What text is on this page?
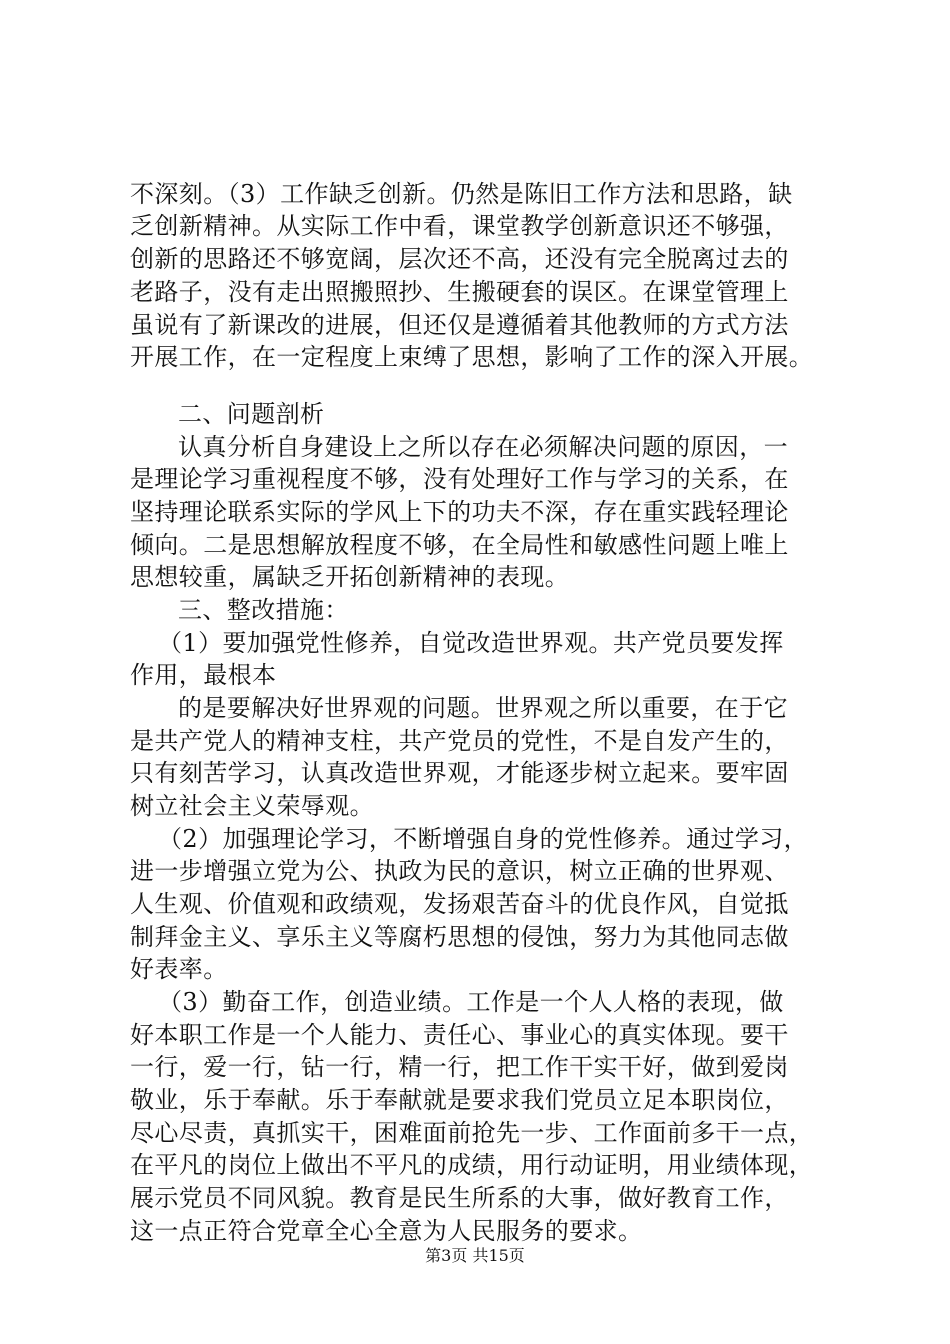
不深刻。（3）工作缺乏创新。仍然是陈旧工作方法和思路，缺
乏创新精神。从实际工作中看，课堂教学创新意识还不够强，
创新的思路还不够宽阔，层次还不高，还没有完全脱离过去的
老路子，没有走出照搬照抄、生搬硬套的误区。在课堂管理上
虽说有了新课改的进展，但还仅是遵循着其他教师的方式方法
开展工作，在一定程度上束缚了思想，影响了工作的深入开展。
二、问题剖析
认真分析自身建设上之所以存在必须解决问题的原因，一
是理论学习重视程度不够，没有处理好工作与学习的关系，在
坚持理论联系实际的学风上下的功夫不深，存在重实践轻理论
倾向。二是思想解放程度不够，在全局性和敏感性问题上唯上
思想较重，属缺乏开拓创新精神的表现。
三、整改措施：
（1）要加强党性修养，自觉改造世界观。共产党员要发挥
作用，最根本
的是要解决好世界观的问题。世界观之所以重要，在于它
是共产党人的精神支柱，共产党员的党性，不是自发产生的，
只有刻苦学习，认真改造世界观，才能逐步树立起来。要牢固
树立社会主义荣辱观。
（2）加强理论学习，不断增强自身的党性修养。通过学习，
进一步增强立党为公、执政为民的意识，树立正确的世界观、
人生观、价值观和政绩观，发扬艰苦奋斗的优良作风，自觉抵
制拜金主义、享乐主义等腐朽思想的侵蚀，努力为其他同志做
好表率。
（3）勤奋工作，创造业绩。工作是一个人人格的表现，做
好本职工作是一个人能力、责任心、事业心的真实体现。要干
一行，爱一行，钻一行，精一行，把工作干实干好，做到爱岗
敬业，乐于奉献。乐于奉献就是要求我们党员立足本职岗位，
尽心尽责，真抓实干，困难面前抢先一步、工作面前多干一点，
在平凡的岗位上做出不平凡的成绩，用行动证明，用业绩体现，
展示党员不同风貌。教育是民生所系的大事，做好教育工作，
这一点正符合党章全心全意为人民服务的要求。
第3页 共15页
